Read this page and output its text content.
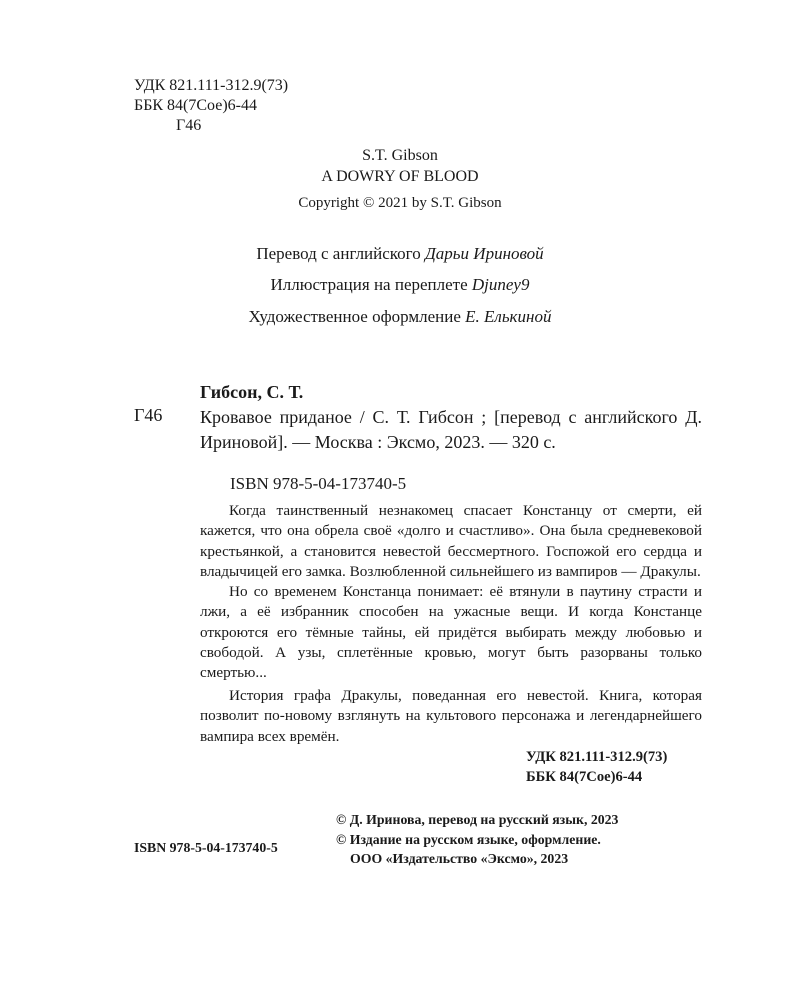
УДК 821.111-312.9(73)
ББК 84(7Сое)6-44
Г46
S.T. Gibson
A DOWRY OF BLOOD
Copyright © 2021 by S.T. Gibson
Перевод с английского Дарьи Ириновой
Иллюстрация на переплете Djuney9
Художественное оформление Е. Елькиной
Гибсон, С. Т.
Г46 Кровавое приданое / С. Т. Гибсон ; [перевод с английского Д. Ириновой]. — Москва : Эксмо, 2023. — 320 с.
ISBN 978-5-04-173740-5

Когда таинственный незнакомец спасает Констанцу от смерти, ей кажется, что она обрела своё «долго и счастливо». Она была средневековой крестьянкой, а становится невестой бессмертного. Госпожой его сердца и владычицей его замка. Возлюбленной сильнейшего из вампиров — Дракулы.

Но со временем Констанца понимает: её втянули в паутину страсти и лжи, а её избранник способен на ужасные вещи. И когда Констанце откроются его тёмные тайны, ей придётся выбирать между любовью и свободой. А узы, сплетённые кровью, могут быть разорваны только смертью...

История графа Дракулы, поведанная его невестой. Книга, которая позволит по-новому взглянуть на культового персонажа и легендарнейшего вампира всех времён.

УДК 821.111-312.9(73)
ББК 84(7Сое)6-44
© Д. Иринова, перевод на русский язык, 2023
© Издание на русском языке, оформление.
ООО «Издательство «Эксмо», 2023
ISBN 978-5-04-173740-5
